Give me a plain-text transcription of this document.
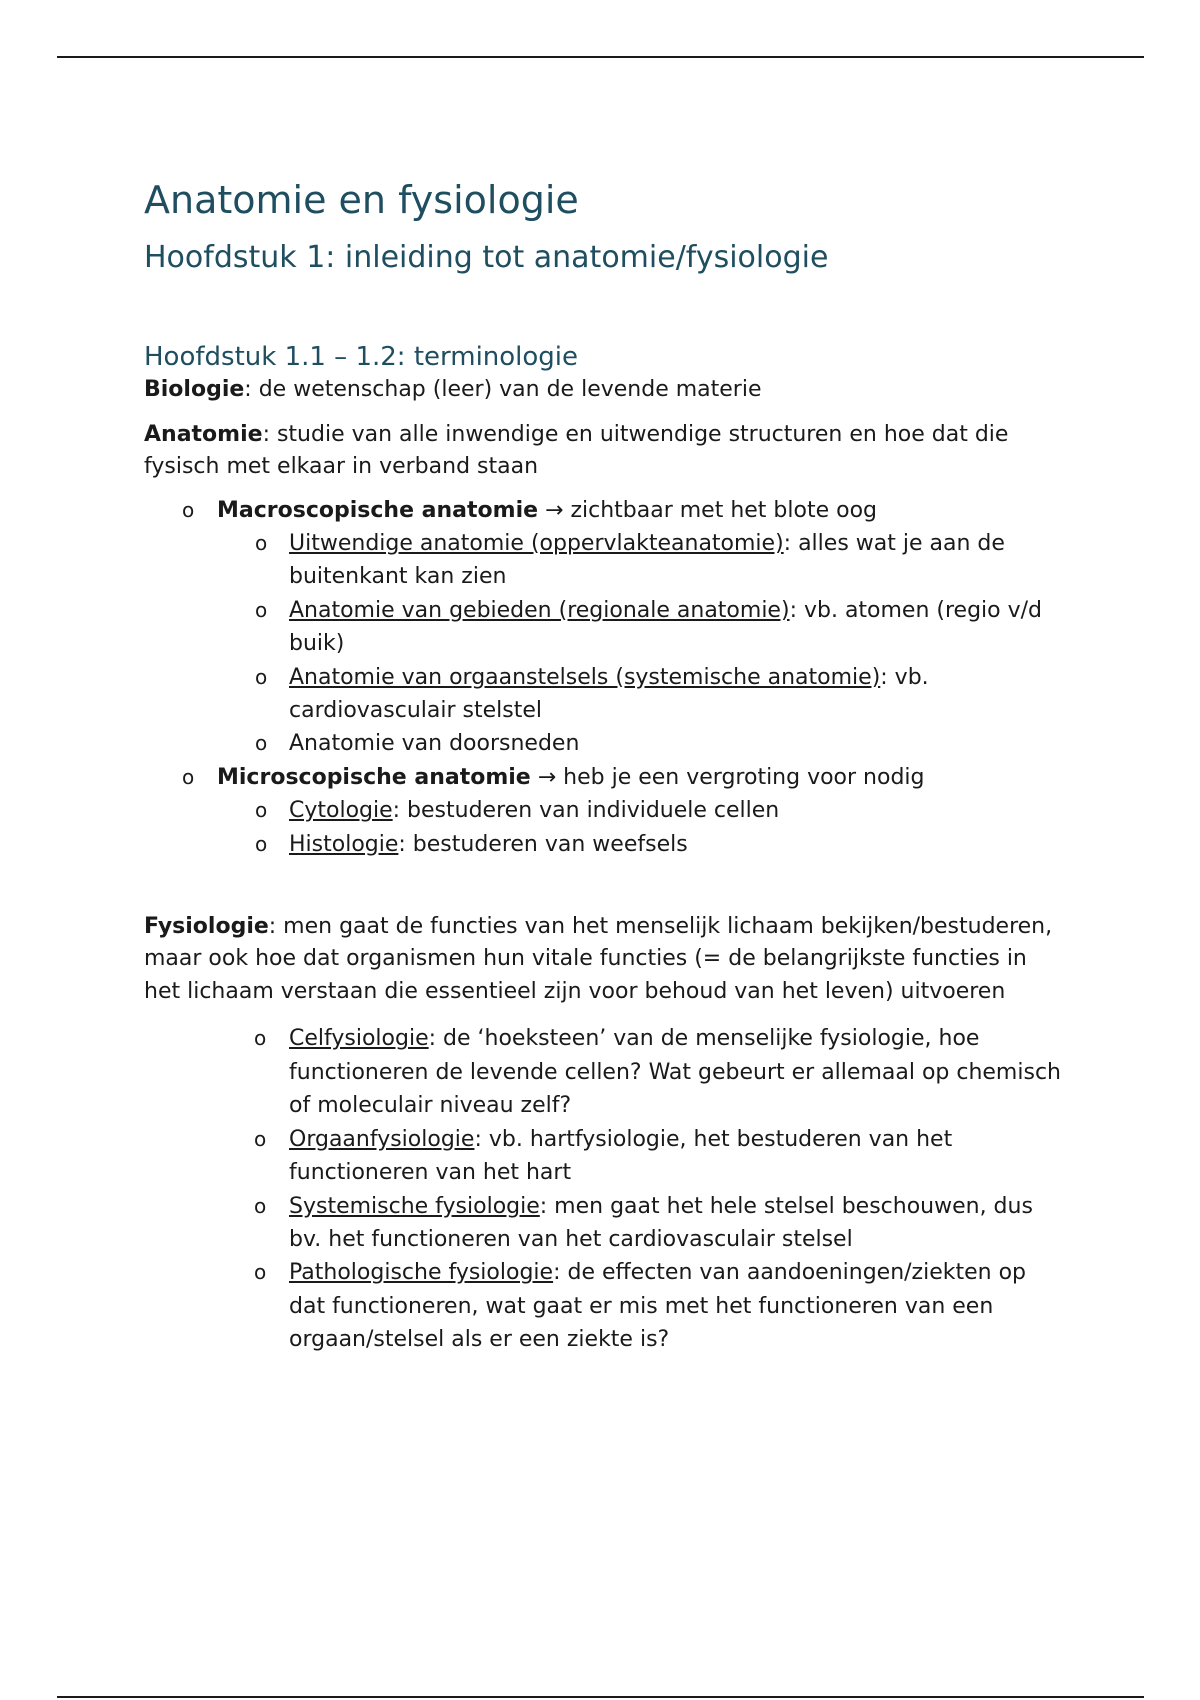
Anatomie en fysiologie
Hoofdstuk 1: inleiding tot anatomie/fysiologie
Hoofdstuk 1.1 – 1.2: terminologie

Biologie: de wetenschap (leer) van de levende materie

Anatomie: studie van alle inwendige en uitwendige structuren en hoe dat die fysisch met elkaar in verband staan

o Macroscopische anatomie → zichtbaar met het blote oog
o Uitwendige anatomie (oppervlakteanatomie): alles wat je aan de buitenkant kan zien
o Anatomie van gebieden (regionale anatomie): vb. atomen (regio v/d buik)
o Anatomie van orgaanstelsels (systemische anatomie): vb. cardiovasculair stelstel
o Anatomie van doorsneden
o Microscopische anatomie → heb je een vergroting voor nodig
o Cytologie: bestuderen van individuele cellen
o Histologie: bestuderen van weefsels

Fysiologie: men gaat de functies van het menselijk lichaam bekijken/bestuderen, maar ook hoe dat organismen hun vitale functies (= de belangrijkste functies in het lichaam verstaan die essentieel zijn voor behoud van het leven) uitvoeren

o Celfysiologie: de ‘hoeksteen’ van de menselijke fysiologie, hoe functioneren de levende cellen? Wat gebeurt er allemaal op chemisch of moleculair niveau zelf?
o Orgaanfysiologie: vb. hartfysiologie, het bestuderen van het functioneren van het hart
o Systemische fysiologie: men gaat het hele stelsel beschouwen, dus bv. het functioneren van het cardiovasculair stelsel
o Pathologische fysiologie: de effecten van aandoeningen/ziekten op dat functioneren, wat gaat er mis met het functioneren van een orgaan/stelsel als er een ziekte is?
